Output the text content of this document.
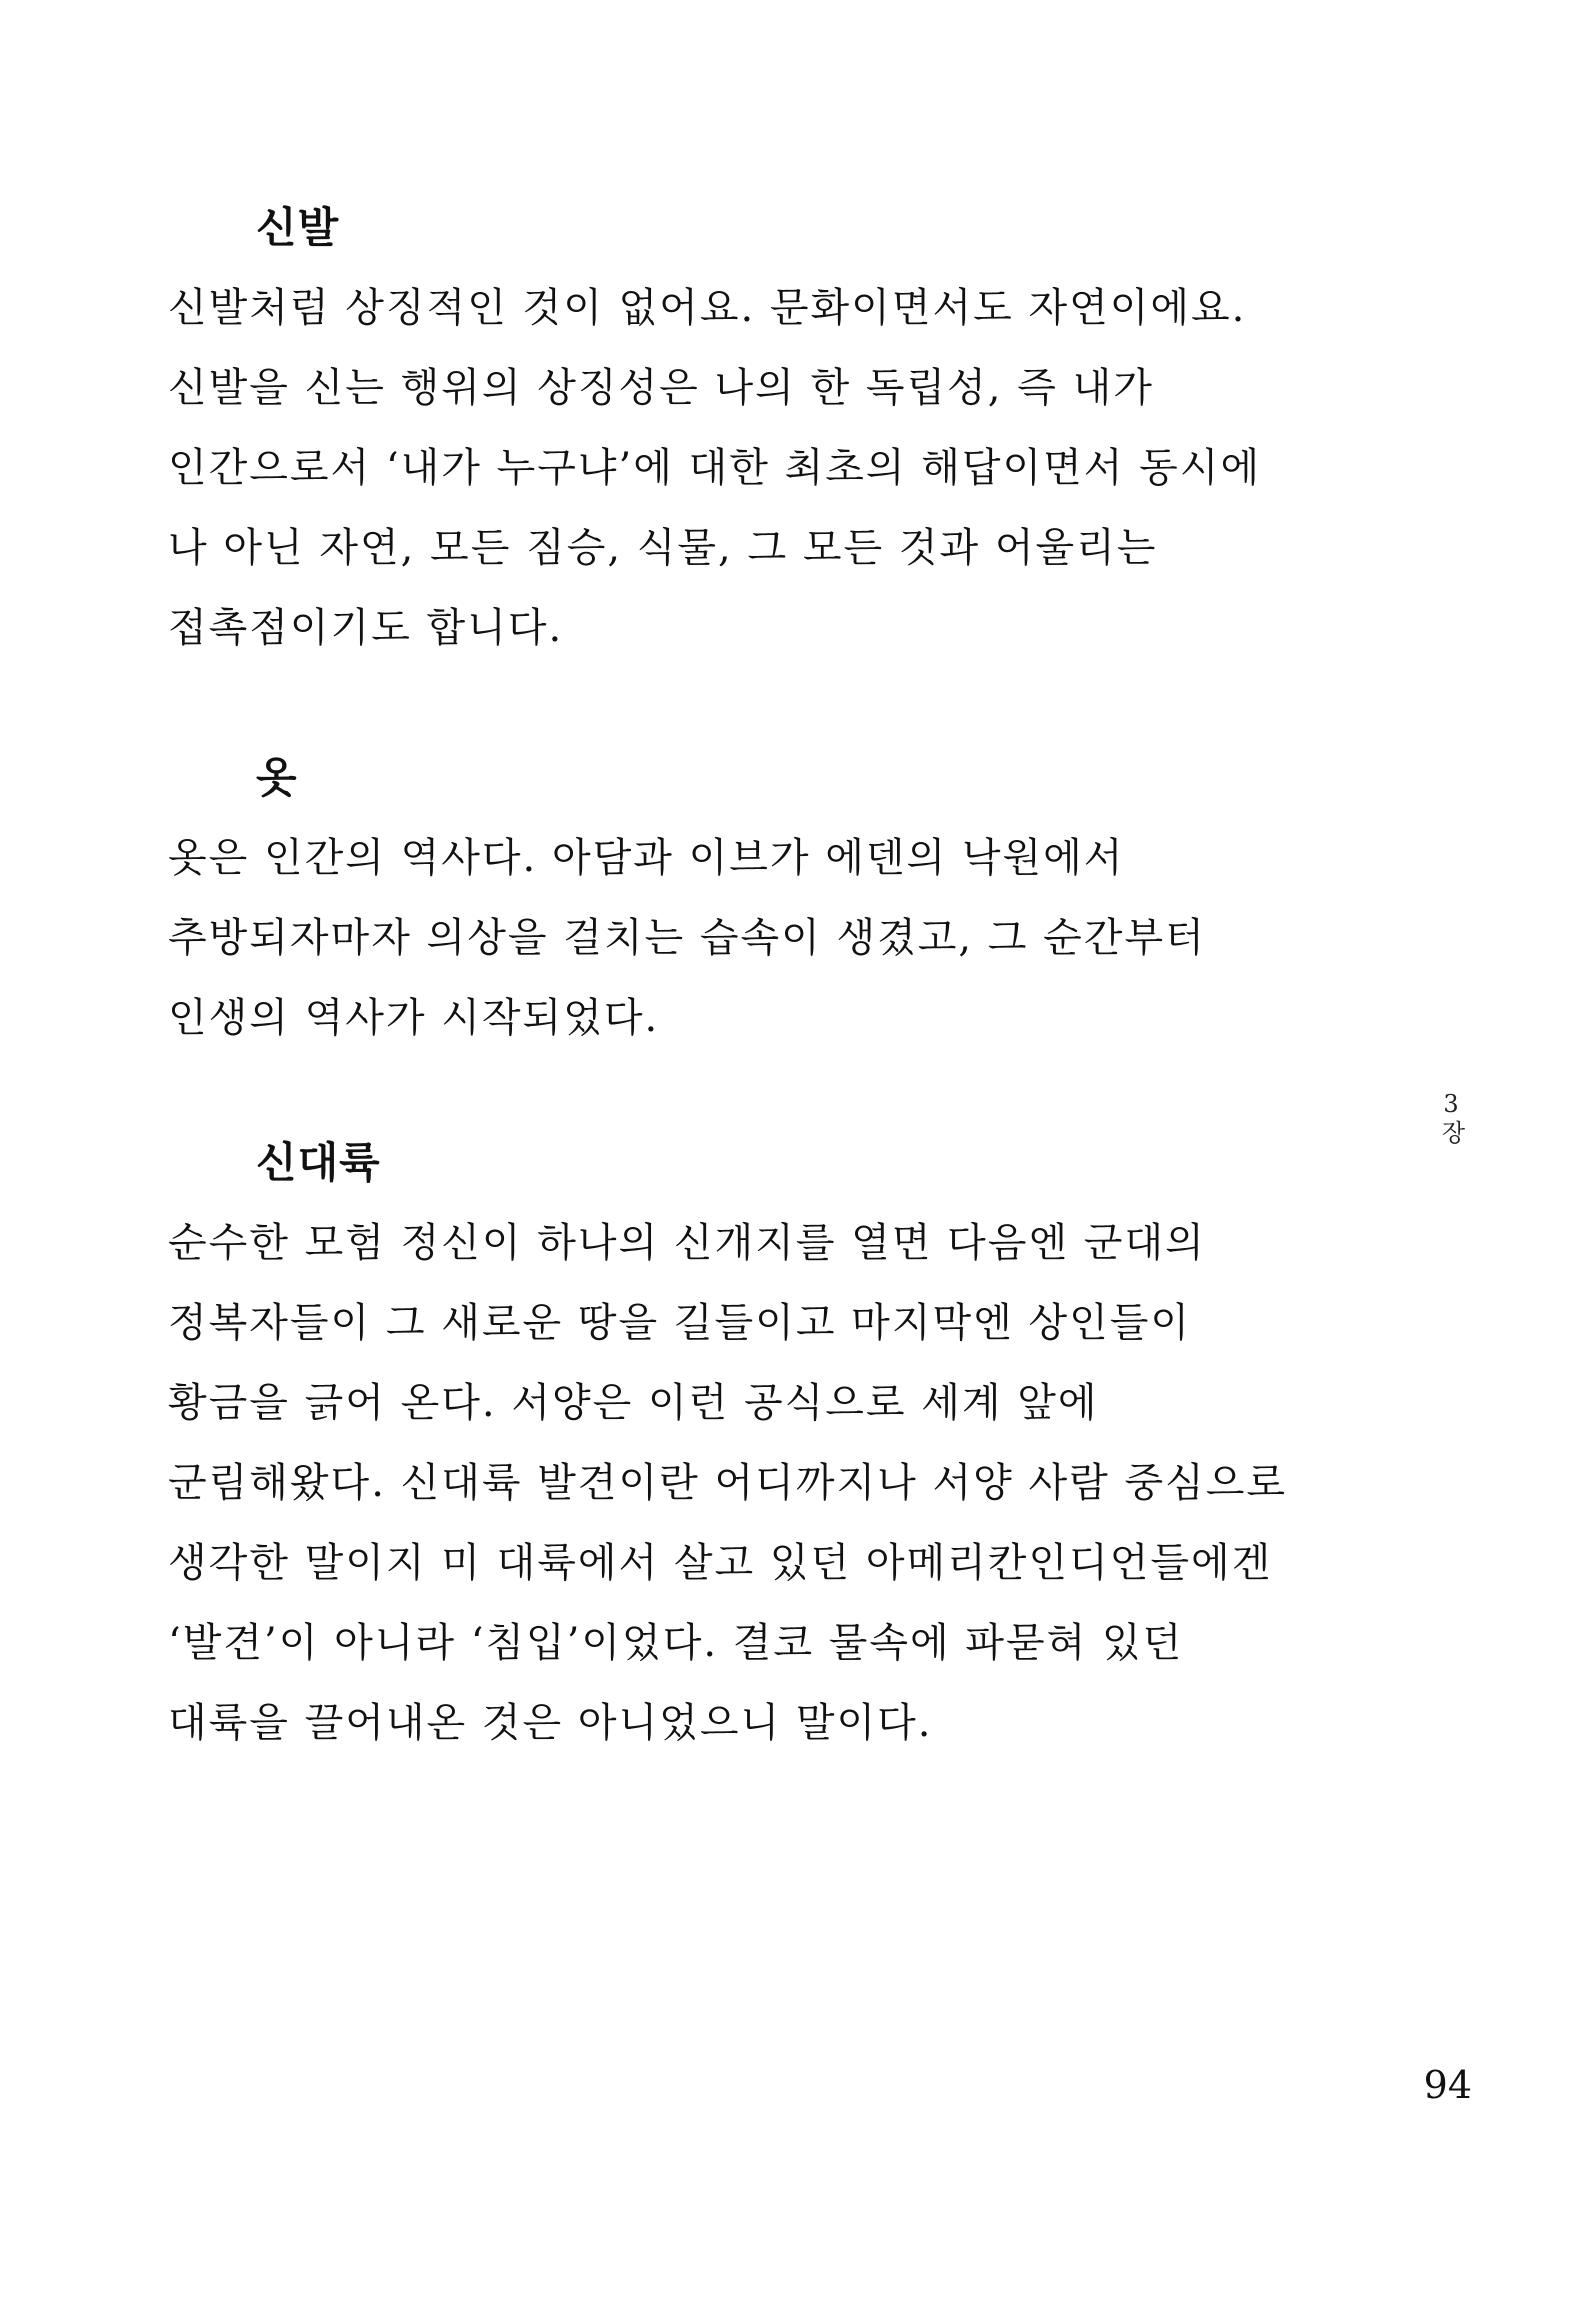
신발

신발처럼 상징적인 것이 없어요. 문화이면서도 자연이에요.
신발을 신는 행위의 상징성은 나의 한 독립성, 즉 내가
인간으로서 ‘내가 누구냐’에 대한 최초의 해답이면서 동시에
나 아닌 자연, 모든 짐승, 식물, 그 모든 것과 어울리는
접촉점이기도 합니다.

옷

옷은 인간의 역사다. 아담과 이브가 에덴의 낙원에서
추방되자마자 의상을 걸치는 습속이 생겼고, 그 순간부터
인생의 역사가 시작되었다.

신대륙

순수한 모험 정신이 하나의 신개지를 열면 다음엔 군대의
정복자들이 그 새로운 땅을 길들이고 마지막엔 상인들이
황금을 긁어 온다. 서양은 이런 공식으로 세계 앞에
군림해왔다. 신대륙 발견이란 어디까지나 서양 사람 중심으로
생각한 말이지 미 대륙에서 살고 있던 아메리칸인디언들에겐
‘발견’이 아니라 ‘침입’이었다. 결코 물속에 파묻혀 있던
대륙을 끌어내온 것은 아니었으니 말이다.

3장
94
